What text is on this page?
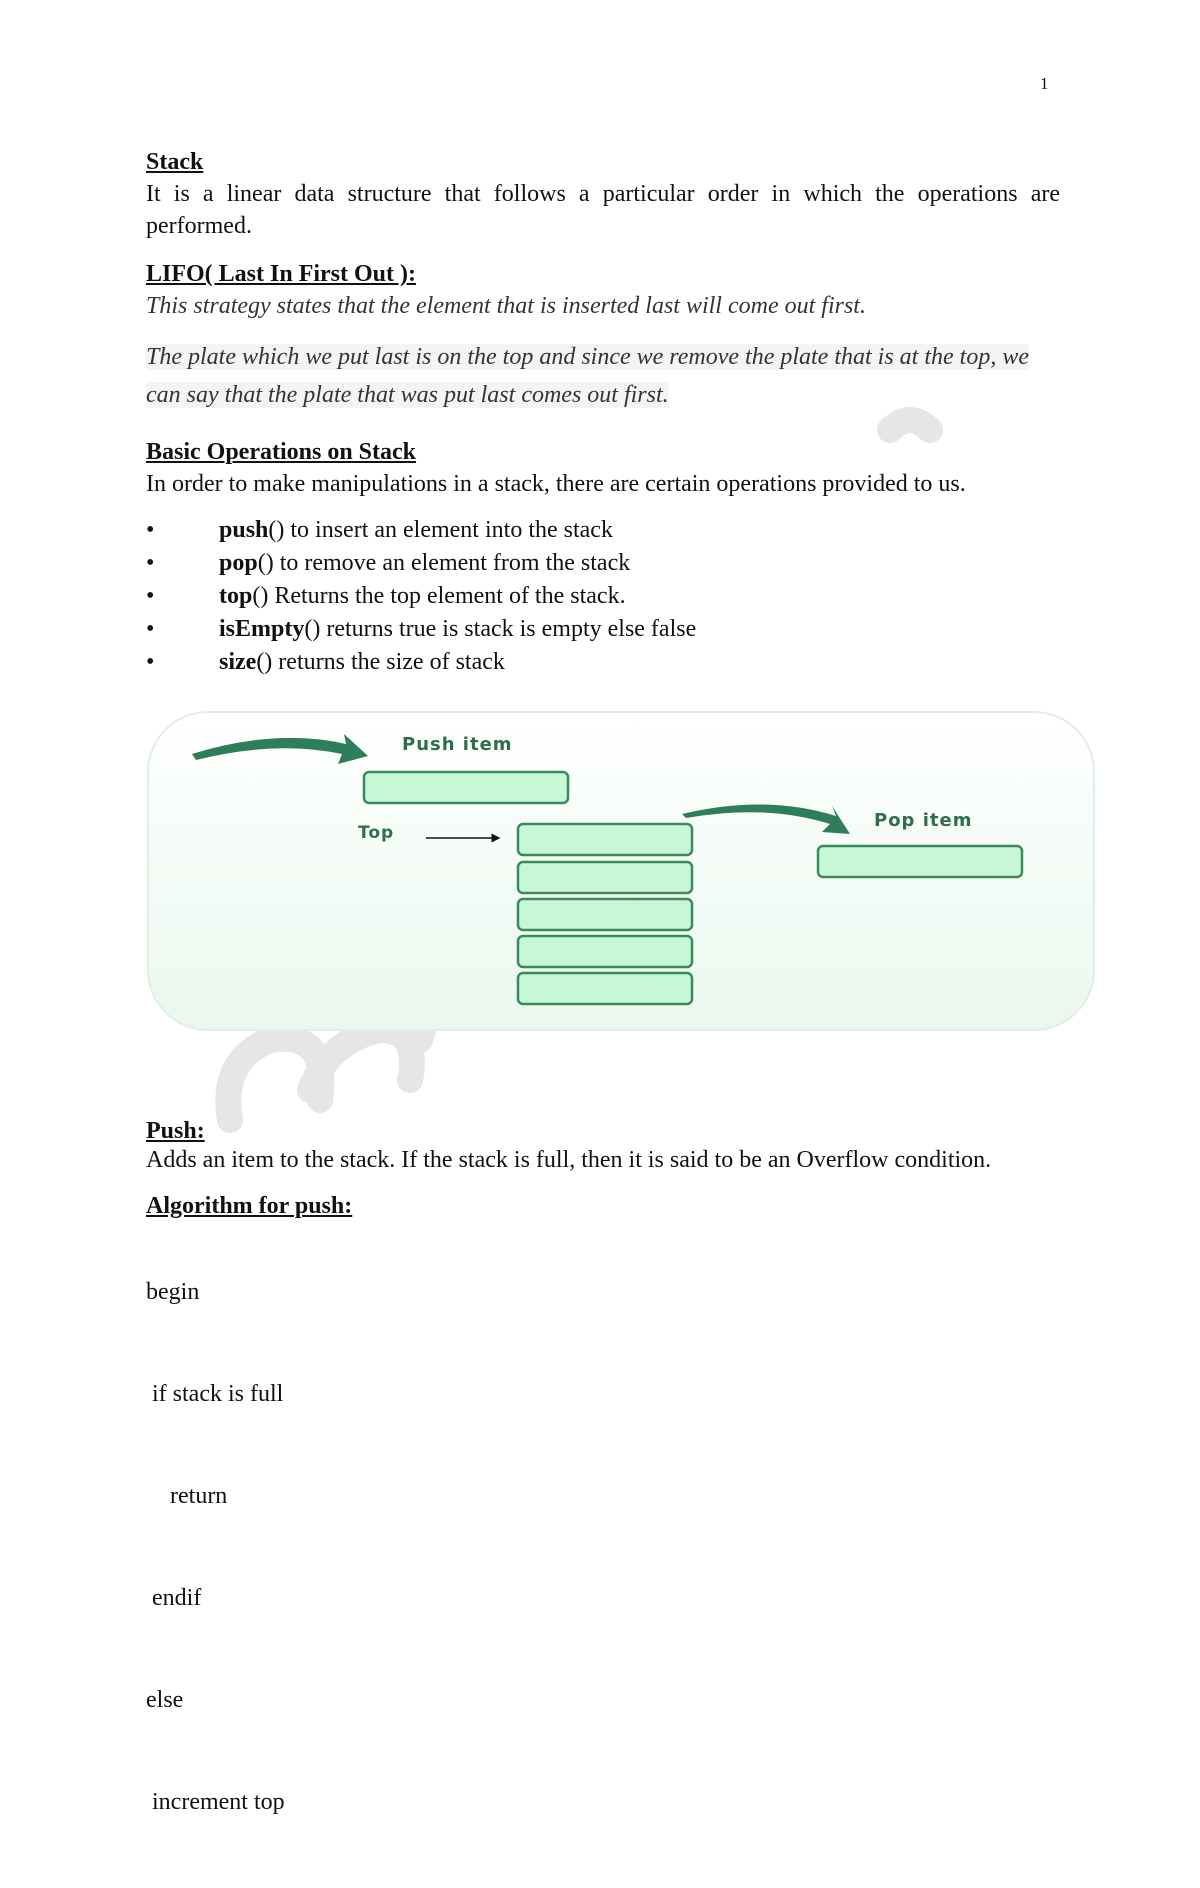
1
Stack

It is a linear data structure that follows a particular order in which the operations are performed.

LIFO( Last In First Out ):

This strategy states that the element that is inserted last will come out first.

The plate which we put last is on the top and since we remove the plate that is at the top, we can say that the plate that was put last comes out first.

Basic Operations on Stack

In order to make manipulations in a stack, there are certain operations provided to us.

•	push() to insert an element into the stack
•	pop() to remove an element from the stack
•	top() Returns the top element of the stack.
•	isEmpty() returns true is stack is empty else false
•	size() returns the size of stack
Push item
Top
Pop item
Push:

Adds an item to the stack. If the stack is full, then it is said to be an Overflow condition.

Algorithm for push:

begin

if stack is full

return

endif

else

increment top
